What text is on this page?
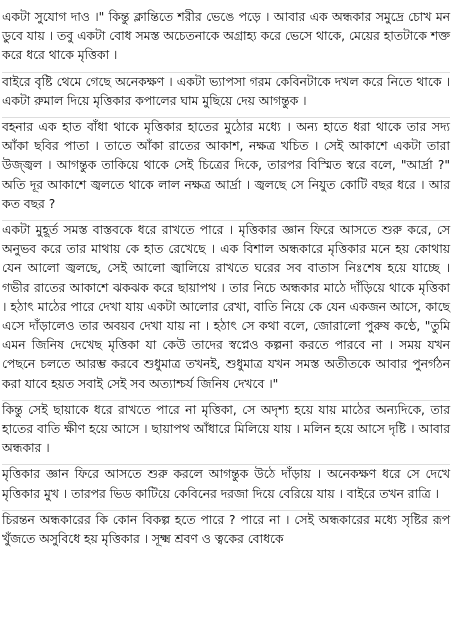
একটা সুযোগ দাও ।" কিন্তু ক্লান্তিতে শরীর ভেঙে পড়ে । আবার এক অন্ধকার সমুদ্রে চোখ মন ডুবে যায় । তবু একটা বোধ সমস্ত অচেতনাকে অগ্রাহ্য করে ভেসে থাকে, মেয়ের হাতটাকে শক্ত করে ধরে থাকে মৃত্তিকা ।

বাইরে বৃষ্টি থেমে গেছে অনেকক্ষণ । একটা ভ্যাপসা গরম কেবিনটাকে দখল করে নিতে থাকে । একটা রুমাল দিয়ে মৃত্তিকার কপালের ঘাম মুছিয়ে দেয় আগন্তুক ।

বহনার এক হাত বাঁধা থাকে মৃত্তিকার হাতের মুঠোর মধ্যে । অন্য হাতে ধরা থাকে তার সদ্য আঁকা ছবির পাতা । তাতে আঁকা রাতের আকাশ, নক্ষত্র খচিত । সেই আকাশে একটা তারা উজ্জ্বল । আগন্তুক তাকিয়ে থাকে সেই চিত্রের দিকে, তারপর বিস্মিত স্বরে বলে, "আর্দ্রা ?" অতি দূর আকাশে জ্বলতে থাকে লাল নক্ষত্র আর্দ্রা । জ্বলছে সে নিযুত কোটি বছর ধরে । আর কত বছর ?

একটা মুহূর্ত সমস্ত বাস্তবকে ধরে রাখতে পারে । মৃত্তিকার জ্ঞান ফিরে আসতে শুরু করে, সে অনুভব করে তার মাথায় কে হাত রেখেছে । এক বিশাল অন্ধকারে মৃত্তিকার মনে হয় কোথায় যেন আলো জ্বলছে, সেই আলো জ্বালিয়ে রাখতে ঘরের সব বাতাস নিঃশেষ হয়ে যাচ্ছে । গভীর রাতের আকাশে ঝকঝক করে ছায়াপথ । তার নিচে অন্ধকার মাঠে দাঁড়িয়ে থাকে মৃত্তিকা । হঠাৎ মাঠের পারে দেখা যায় একটা আলোর রেখা, বাতি নিয়ে কে যেন একজন আসে, কাছে এসে দাঁড়ালেও তার অবয়ব দেখা যায় না । হঠাৎ সে কথা বলে, জোরালো পুরুষ কণ্ঠে, "তুমি এমন জিনিষ দেখেছ মৃত্তিকা যা কেউ তাদের স্বপ্নেও কল্পনা করতে পারবে না । সময় যখন পেছনে চলতে আরম্ভ করবে শুধুমাত্র তখনই, শুধুমাত্র যখন সমস্ত অতীতকে আবার পুনর্গঠন করা যাবে হয়ত সবাই সেই সব অত্যাশ্চর্য জিনিষ দেখবে ।"

কিন্তু সেই ছায়াকে ধরে রাখতে পারে না মৃত্তিকা, সে অদৃশ্য হয়ে যায় মাঠের অন্যদিকে, তার হাতের বাতি ক্ষীণ হয়ে আসে । ছায়াপথ আঁধারে মিলিয়ে যায় । মলিন হয়ে আসে দৃষ্টি । আবার অন্ধকার ।

মৃত্তিকার জ্ঞান ফিরে আসতে শুরু করলে আগন্তুক উঠে দাঁড়ায় । অনেকক্ষণ ধরে সে দেখে মৃত্তিকার মুখ । তারপর ভিড কাটিয়ে কেবিনের দরজা দিয়ে বেরিয়ে যায় । বাইরে তখন রাত্রি ।

চিরন্তন অন্ধকারের কি কোন বিকল্প হতে পারে ? পারে না । সেই অন্ধকারের মধ্যে সৃষ্টির রূপ খুঁজতে অসুবিধে হয় মৃত্তিকার । সূক্ষ্ম শ্রবণ ও ত্বকের বোধকে
